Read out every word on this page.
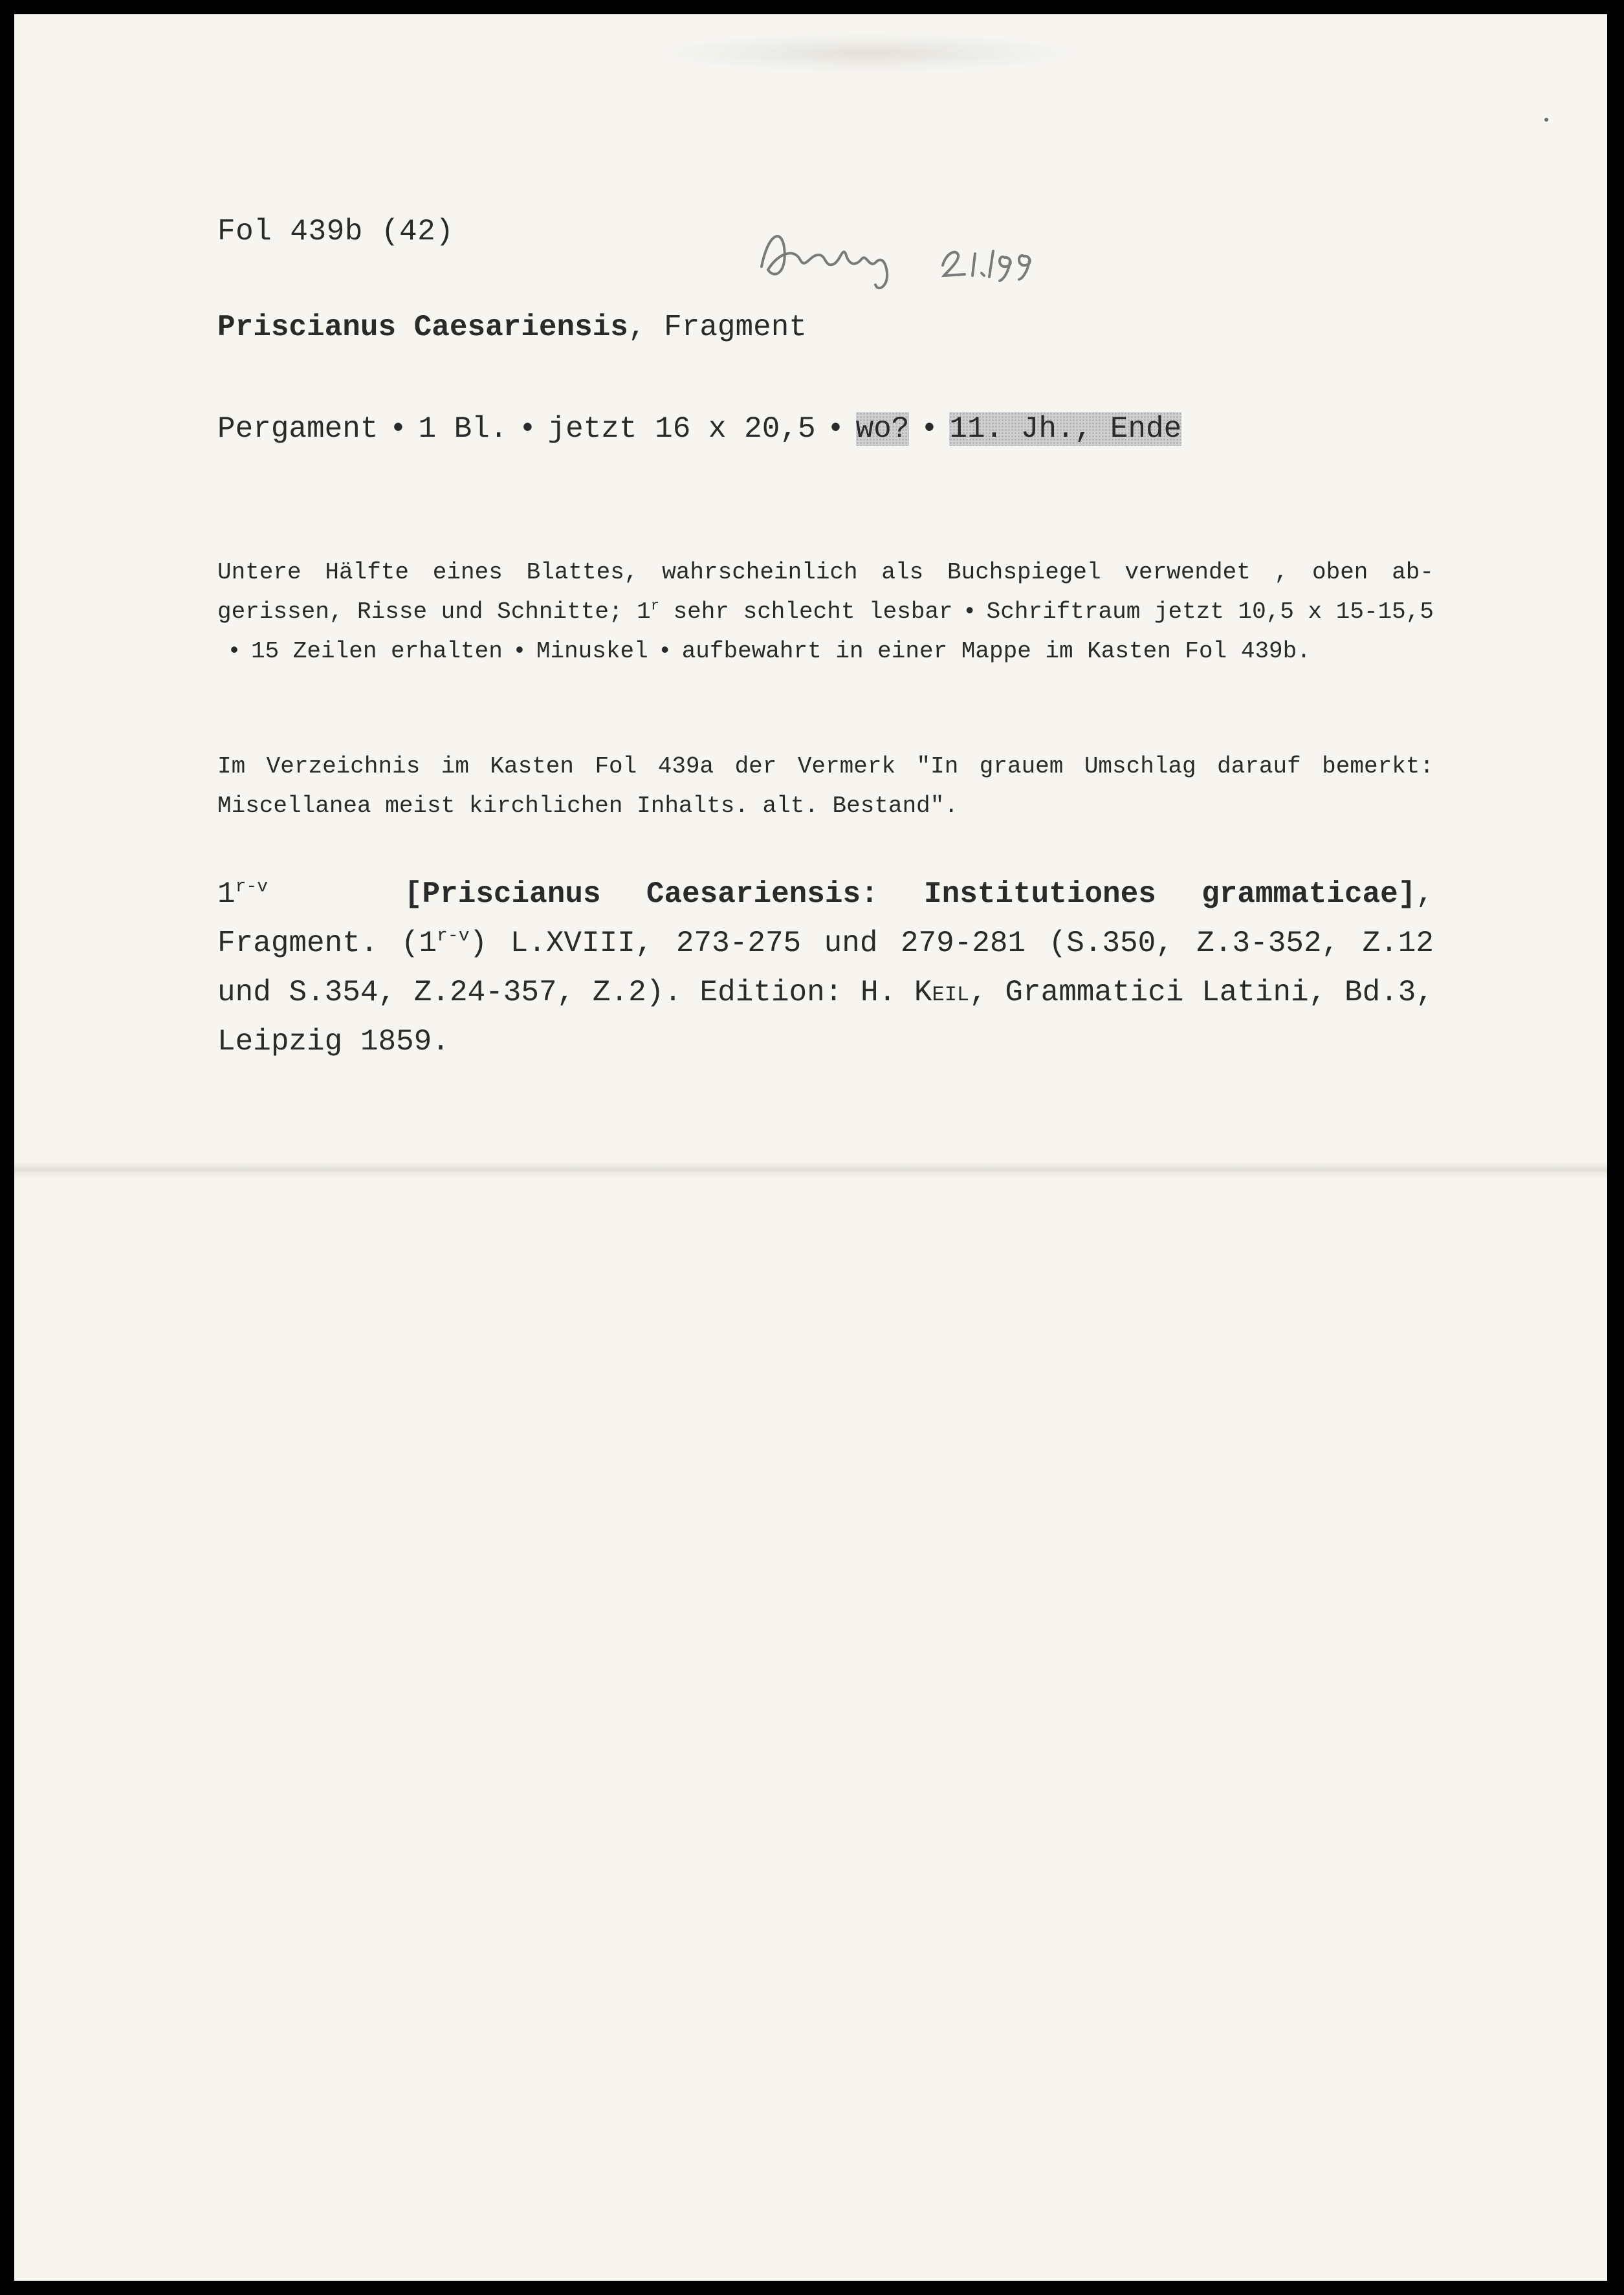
Fol 439b (42)
Priscianus Caesariensis, Fragment
Pergament • 1 Bl. • jetzt 16 x 20,5 • wo? • 11. Jh., Ende
Untere Hälfte eines Blattes, wahrscheinlich als Buchspiegel verwendet , oben ab-gerissen, Risse und Schnitte; 1$^r$ sehr schlecht lesbar • Schriftraum jetzt 10,5 x 15-15,5• 15 Zeilen erhalten • Minuskel • aufbewahrt in einer Mappe im Kasten Fol 439b.
Im Verzeichnis im Kasten Fol 439a der Vermerk "In grauem Umschlag darauf bemerkt: Miscellanea meist kirchlichen Inhalts. alt. Bestand".
1$^{r-v}$	[Priscianus Caesariensis: Institutiones grammaticae], Fragment. (1$^{r-v}$) L.XVIII, 273-275 und 279-281 (S.350, Z.3-352, Z.12 und S.354, Z.24-357, Z.2). Edition: H. Keil, Grammatici Latini, Bd.3, Leipzig 1859.
